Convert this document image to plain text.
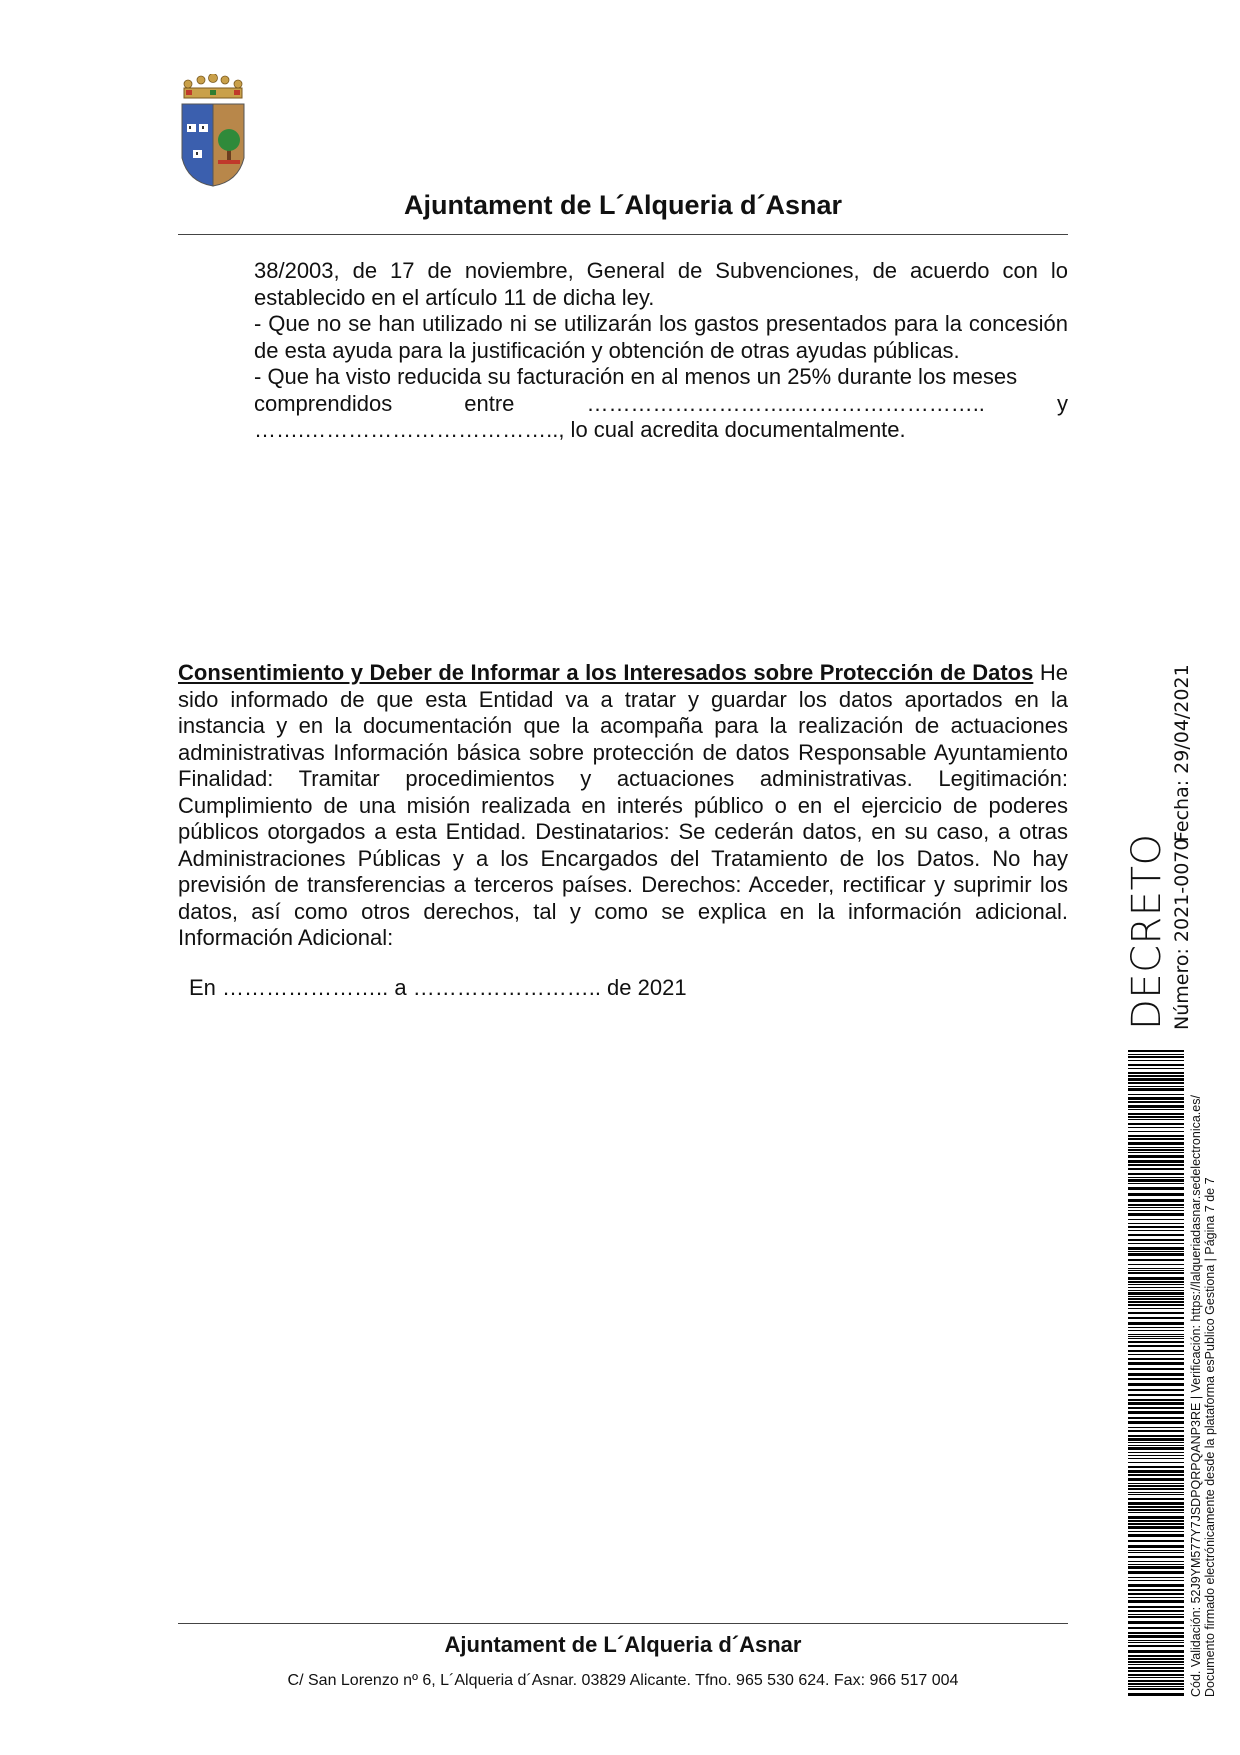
Ajuntament de L´Alqueria d´Asnar
38/2003, de 17 de noviembre, General de Subvenciones, de acuerdo con lo establecido en el artículo 11 de dicha ley.
- Que no se han utilizado ni se utilizarán los gastos presentados para la concesión de esta ayuda para la justificación y obtención de otras ayudas públicas.
- Que ha visto reducida su facturación en al menos un 25% durante los meses
comprendidos	entre	………………………..……………………..	y
…….…………………………….., lo cual acredita documentalmente.
Consentimiento y Deber de Informar a los Interesados sobre Protección de Datos He sido informado de que esta Entidad va a tratar y guardar los datos aportados en la instancia y en la documentación que la acompaña para la realización de actuaciones administrativas Información básica sobre protección de datos Responsable Ayuntamiento Finalidad: Tramitar procedimientos y actuaciones administrativas. Legitimación: Cumplimiento de una misión realizada en interés público o en el ejercicio de poderes públicos otorgados a esta Entidad. Destinatarios: Se cederán datos, en su caso, a otras Administraciones Públicas y a los Encargados del Tratamiento de los Datos. No hay previsión de transferencias a terceros países. Derechos: Acceder, rectificar y suprimir los datos, así como otros derechos, tal y como se explica en la información adicional. Información Adicional:
En ………………….. a …………………….. de 2021
Ajuntament de L´Alqueria d´Asnar
C/ San Lorenzo nº 6, L´Alqueria d´Asnar. 03829 Alicante. Tfno. 965 530 624. Fax: 966 517 004
DECRETO Número: 2021-0070
Fecha: 29/04/2021
Cód. Validación: 52J9YM577Y7JSDPQRPQANP3RE | Verificación: https://lalqueriadasnar.sedelectronica.es/ Documento firmado electrónicamente desde la plataforma esPublico Gestiona | Página 7 de 7
